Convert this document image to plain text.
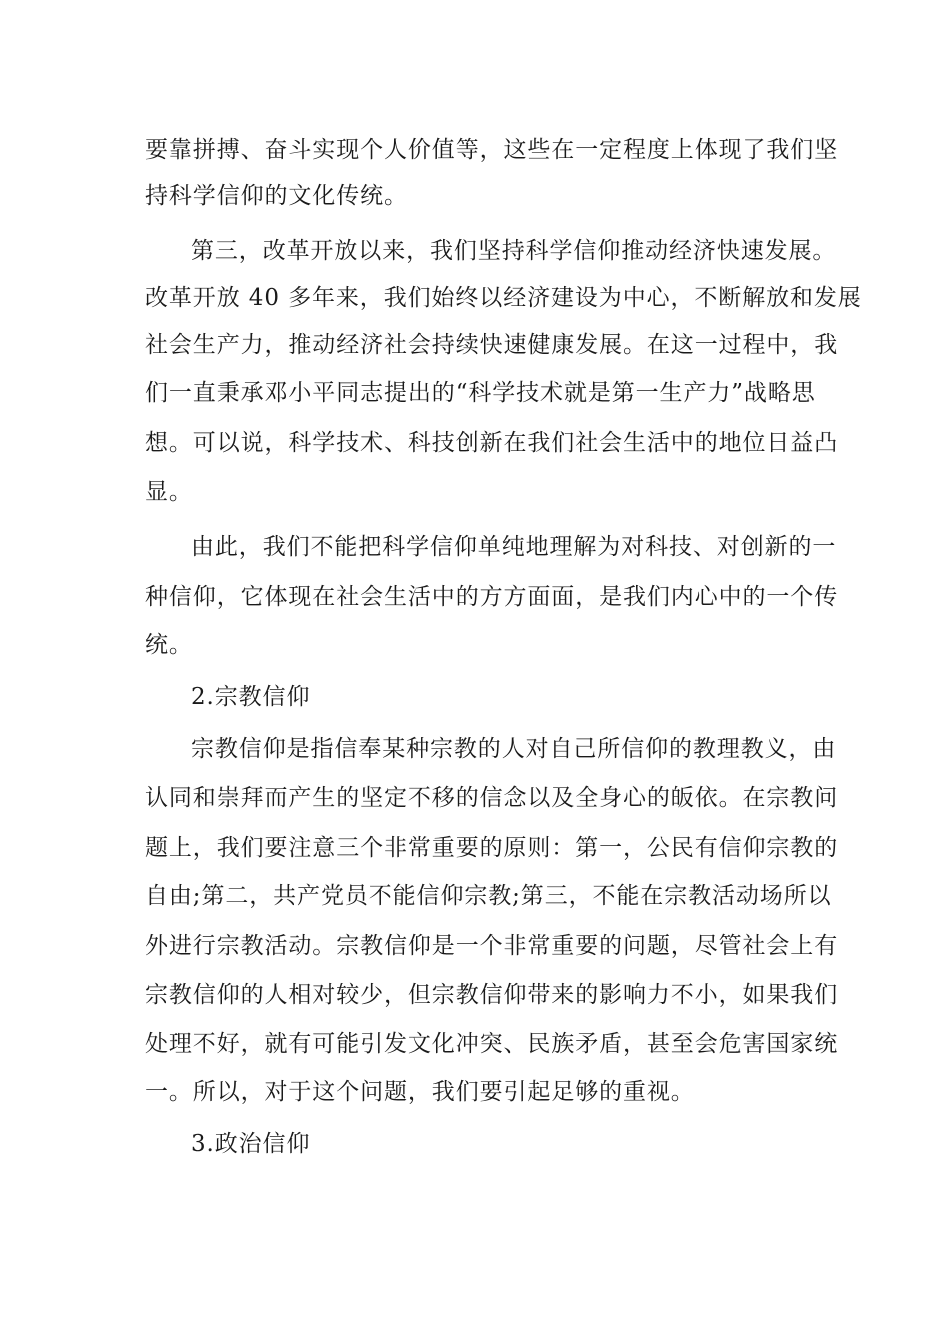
要靠拼搏、奋斗实现个人价值等，这些在一定程度上体现了我们坚
持科学信仰的文化传统。
第三，改革开放以来，我们坚持科学信仰推动经济快速发展。
改革开放 40 多年来，我们始终以经济建设为中心，不断解放和发展
社会生产力，推动经济社会持续快速健康发展。在这一过程中，我
们一直秉承邓小平同志提出的“科学技术就是第一生产力”战略思
想。可以说，科学技术、科技创新在我们社会生活中的地位日益凸
显。
由此，我们不能把科学信仰单纯地理解为对科技、对创新的一
种信仰，它体现在社会生活中的方方面面，是我们内心中的一个传
统。
2.宗教信仰
宗教信仰是指信奉某种宗教的人对自己所信仰的教理教义，由
认同和崇拜而产生的坚定不移的信念以及全身心的皈依。在宗教问
题上，我们要注意三个非常重要的原则：第一，公民有信仰宗教的
自由;第二，共产党员不能信仰宗教;第三，不能在宗教活动场所以
外进行宗教活动。宗教信仰是一个非常重要的问题，尽管社会上有
宗教信仰的人相对较少，但宗教信仰带来的影响力不小，如果我们
处理不好，就有可能引发文化冲突、民族矛盾，甚至会危害国家统
一。所以，对于这个问题，我们要引起足够的重视。
3.政治信仰
